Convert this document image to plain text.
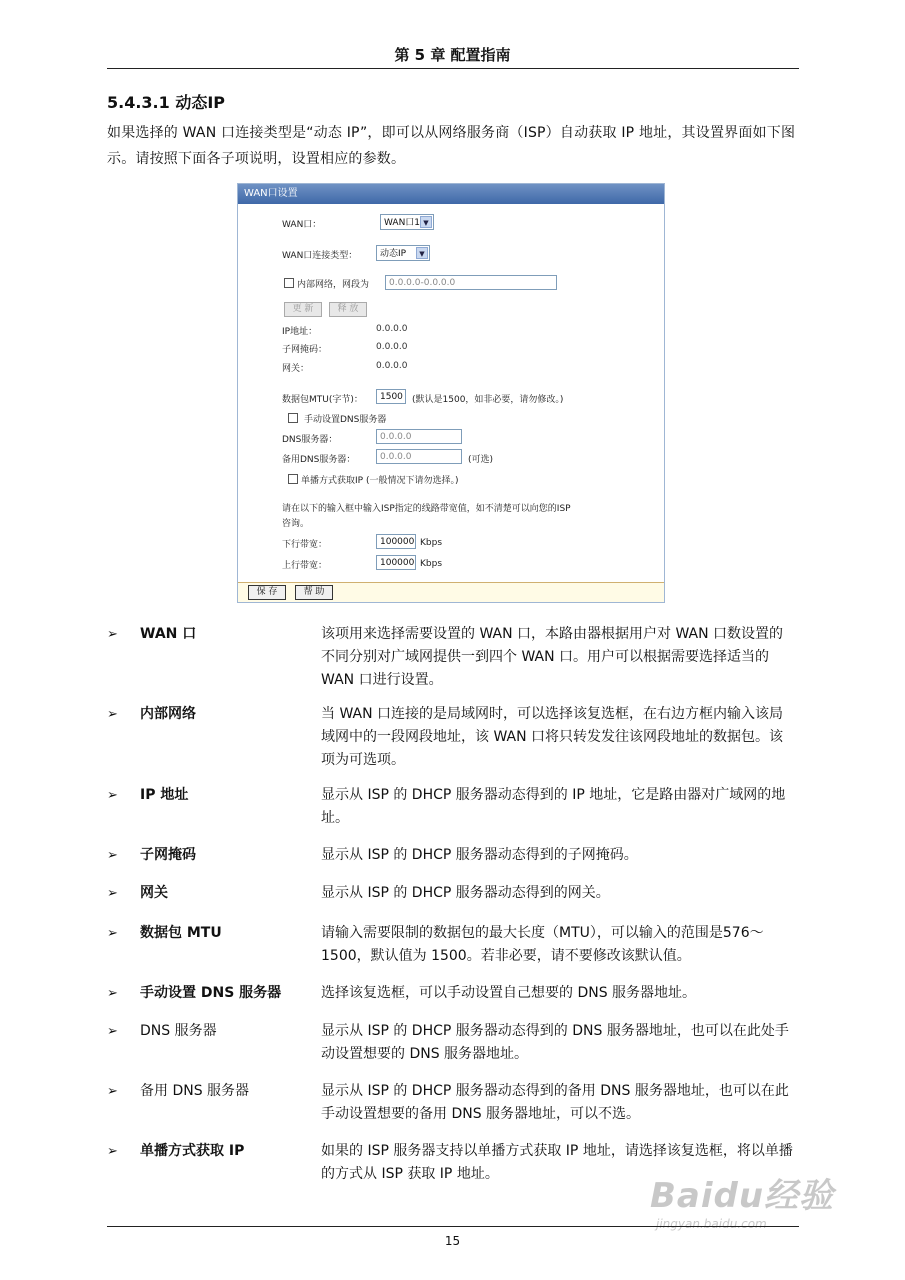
第 5 章 配置指南
5.4.3.1 动态IP
如果选择的 WAN 口连接类型是“动态 IP”，即可以从网络服务商（ISP）自动获取 IP 地址，其设置界面如下图示。请按照下面各子项说明，设置相应的参数。
WAN口设置
WAN口：	WAN口1 ▼
WAN口连接类型：	动态IP	▼
内部网络，网段为	0.0.0.0-0.0.0.0
更 新	释 放
IP地址：	0.0.0.0
子网掩码：	0.0.0.0
网关：	0.0.0.0
数据包MTU(字节)：	1500	(默认是1500，如非必要，请勿修改。)
手动设置DNS服务器
DNS服务器：	0.0.0.0
备用DNS服务器：	0.0.0.0	(可选)
单播方式获取IP (一般情况下请勿选择。)
请在以下的输入框中输入ISP指定的线路带宽值，如不清楚可以向您的ISP
咨询。
下行带宽：	100000 Kbps
上行带宽：	100000 Kbps
保 存	帮 助
➢	WAN 口	该项用来选择需要设置的 WAN 口，本路由器根据用户对 WAN 口数设置的不同分别对广域网提供一到四个 WAN 口。用户可以根据需要选择适当的 WAN 口进行设置。
➢	内部网络	当 WAN 口连接的是局域网时，可以选择该复选框，在右边方框内输入该局域网中的一段网段地址，该 WAN 口将只转发发往该网段地址的数据包。该项为可选项。
➢	IP 地址	显示从 ISP 的 DHCP 服务器动态得到的 IP 地址，它是路由器对广域网的地址。
➢	子网掩码	显示从 ISP 的 DHCP 服务器动态得到的子网掩码。
➢	网关	显示从 ISP 的 DHCP 服务器动态得到的网关。
➢	数据包 MTU	请输入需要限制的数据包的最大长度（MTU），可以输入的范围是576～1500，默认值为 1500。若非必要，请不要修改该默认值。
➢	手动设置 DNS 服务器	选择该复选框，可以手动设置自己想要的 DNS 服务器地址。
➢	DNS 服务器	显示从 ISP 的 DHCP 服务器动态得到的 DNS 服务器地址，也可以在此处手动设置想要的 DNS 服务器地址。
➢	备用 DNS 服务器	显示从 ISP 的 DHCP 服务器动态得到的备用 DNS 服务器地址，也可以在此手动设置想要的备用 DNS 服务器地址，可以不选。
➢	单播方式获取 IP	如果的 ISP 服务器支持以单播方式获取 IP 地址，请选择该复选框，将以单播的方式从 ISP 获取 IP 地址。
Baidu经验
jingyan.baidu.com
15
